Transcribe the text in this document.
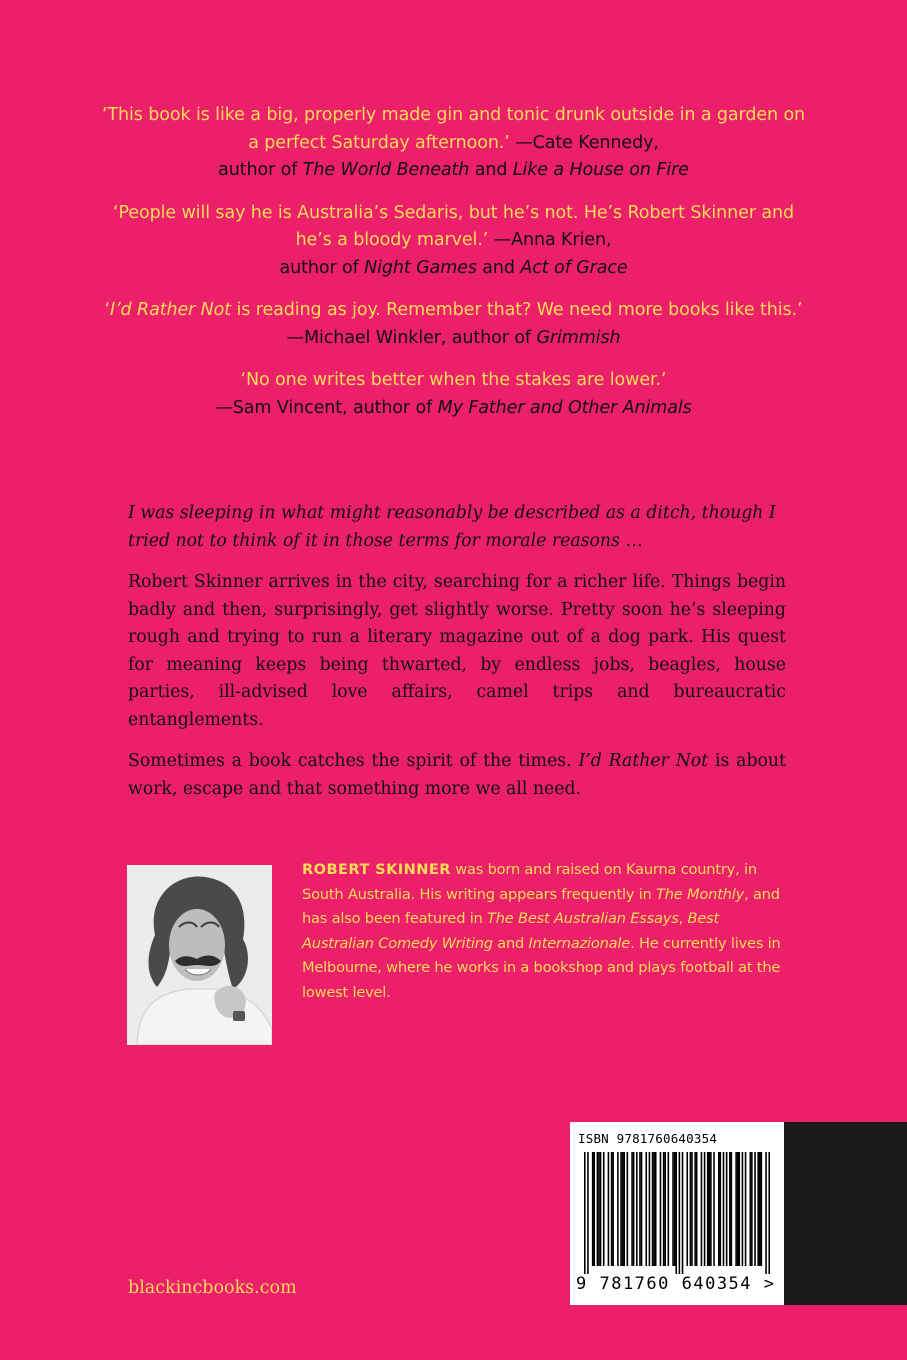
‘This book is like a big, properly made gin and tonic drunk outside in a garden on a perfect Saturday afternoon.’ —Cate Kennedy,
author of The World Beneath and Like a House on Fire
‘People will say he is Australia’s Sedaris, but he’s not. He’s Robert Skinner and he’s a bloody marvel.’ —Anna Krien,
author of Night Games and Act of Grace
‘I’d Rather Not is reading as joy. Remember that? We need more books like this.’ —Michael Winkler, author of Grimmish
‘No one writes better when the stakes are lower.’
—Sam Vincent, author of My Father and Other Animals

I was sleeping in what might reasonably be described as a ditch, though I tried not to think of it in those terms for morale reasons …

Robert Skinner arrives in the city, searching for a richer life. Things begin badly and then, surprisingly, get slightly worse. Pretty soon he’s sleeping rough and trying to run a literary magazine out of a dog park. His quest for meaning keeps being thwarted, by endless jobs, beagles, house parties, ill-advised love affairs, camel trips and bureaucratic entanglements.

Sometimes a book catches the spirit of the times. I’d Rather Not is about work, escape and that something more we all need.

ROBERT SKINNER was born and raised on Kaurna country, in South Australia. His writing appears frequently in The Monthly, and has also been featured in The Best Australian Essays, Best Australian Comedy Writing and Internazionale. He currently lives in Melbourne, where he works in a bookshop and plays football at the lowest level.
ISBN 9781760640354
9 781760 640354 >
blackincbooks.com
